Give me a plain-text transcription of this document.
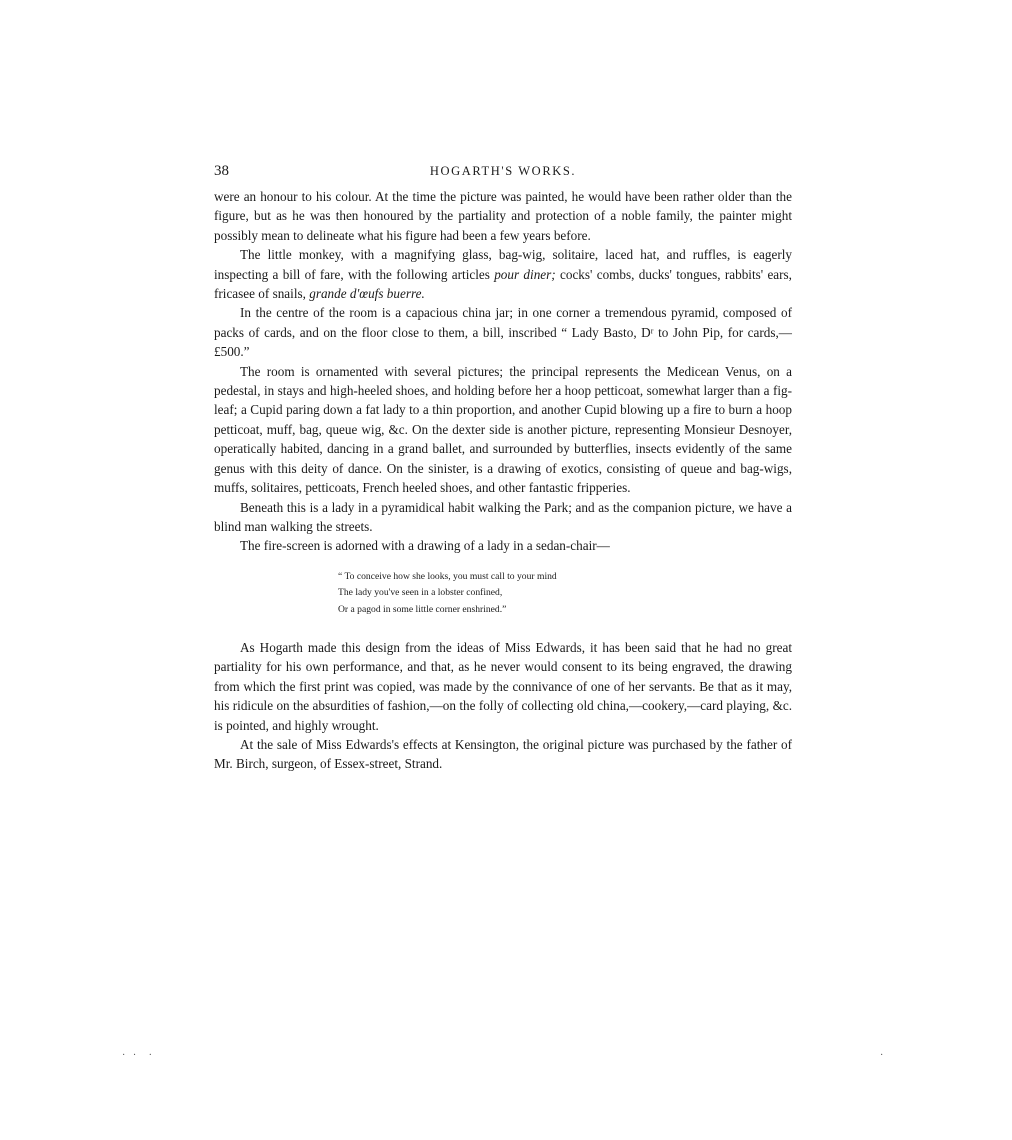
38	HOGARTH'S WORKS.

were an honour to his colour. At the time the picture was painted, he would have been rather older than the figure, but as he was then honoured by the partiality and protection of a noble family, the painter might possibly mean to delineate what his figure had been a few years before.

The little monkey, with a magnifying glass, bag-wig, solitaire, laced hat, and ruffles, is eagerly inspecting a bill of fare, with the following articles pour diner; cocks' combs, ducks' tongues, rabbits' ears, fricasee of snails, grande d'œufs buerre.

In the centre of the room is a capacious china jar; in one corner a tremendous pyramid, composed of packs of cards, and on the floor close to them, a bill, inscribed “ Lady Basto, Dʳ to John Pip, for cards,—£500.”

The room is ornamented with several pictures; the principal represents the Medicean Venus, on a pedestal, in stays and high-heeled shoes, and holding before her a hoop petticoat, somewhat larger than a fig-leaf; a Cupid paring down a fat lady to a thin proportion, and another Cupid blowing up a fire to burn a hoop petticoat, muff, bag, queue wig, &c. On the dexter side is another picture, representing Monsieur Desnoyer, operatically habited, dancing in a grand ballet, and surrounded by butterflies, insects evidently of the same genus with this deity of dance. On the sinister, is a drawing of exotics, consisting of queue and bag-wigs, muffs, solitaires, petticoats, French heeled shoes, and other fantastic fripperies.

Beneath this is a lady in a pyramidical habit walking the Park; and as the companion picture, we have a blind man walking the streets.

The fire-screen is adorned with a drawing of a lady in a sedan-chair—

“ To conceive how she looks, you must call to your mind
The lady you've seen in a lobster confined,
Or a pagod in some little corner enshrined.”

As Hogarth made this design from the ideas of Miss Edwards, it has been said that he had no great partiality for his own performance, and that, as he never would consent to its being engraved, the drawing from which the first print was copied, was made by the connivance of one of her servants. Be that as it may, his ridicule on the absurdities of fashion,—on the folly of collecting old china,—cookery,—card playing, &c. is pointed, and highly wrought.

At the sale of Miss Edwards's effects at Kensington, the original picture was purchased by the father of Mr. Birch, surgeon, of Essex-street, Strand.

·   ·     ·	·
